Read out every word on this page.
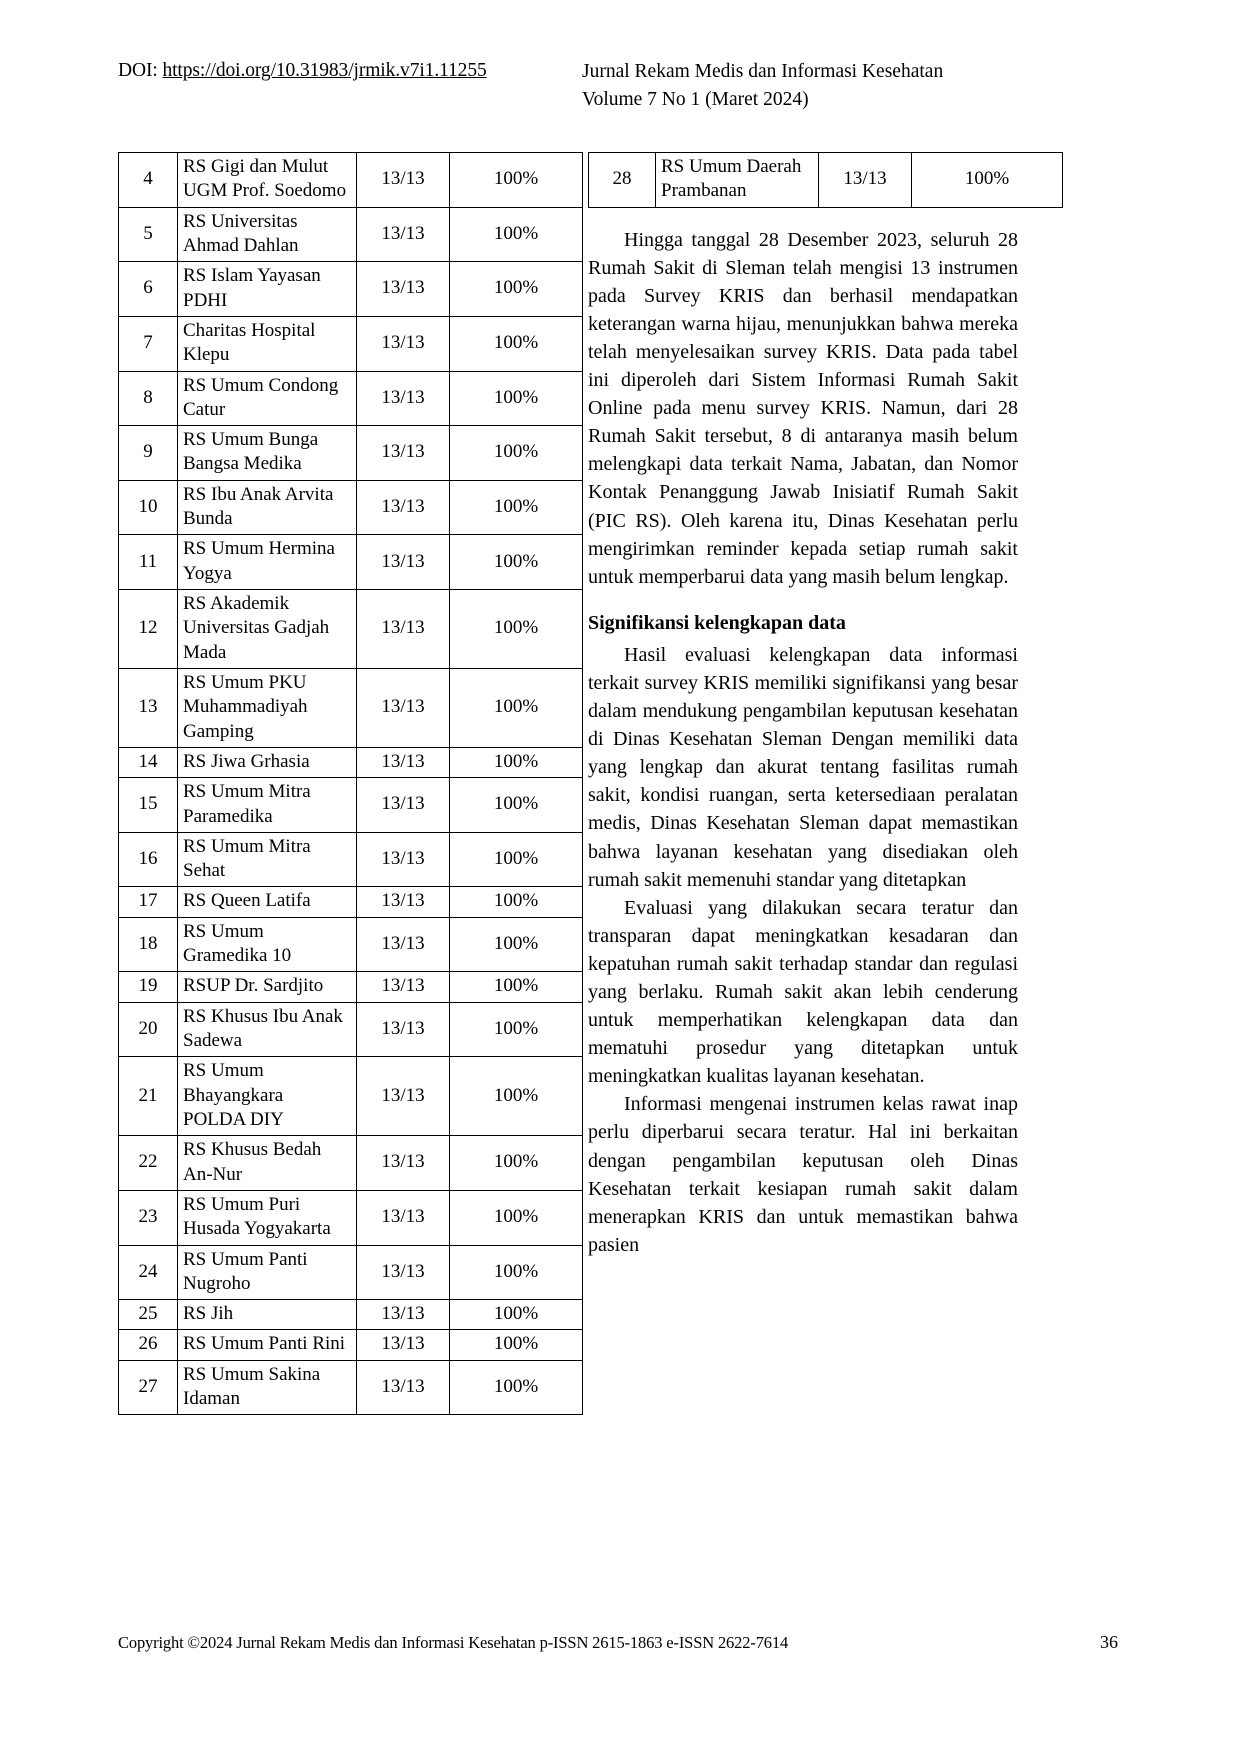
DOI: https://doi.org/10.31983/jrmik.v7i1.11255	Jurnal Rekam Medis dan Informasi Kesehatan
Volume 7 No 1 (Maret 2024)
4	RS Gigi dan Mulut UGM Prof. Soedomo	13/13	100%
5	RS Universitas Ahmad Dahlan	13/13	100%
6	RS Islam Yayasan PDHI	13/13	100%
7	Charitas Hospital Klepu	13/13	100%
8	RS Umum Condong Catur	13/13	100%
9	RS Umum Bunga Bangsa Medika	13/13	100%
10	RS Ibu Anak Arvita Bunda	13/13	100%
11	RS Umum Hermina Yogya	13/13	100%
12	RS Akademik Universitas Gadjah Mada	13/13	100%
13	RS Umum PKU Muhammadiyah Gamping	13/13	100%
14	RS Jiwa Grhasia	13/13	100%
15	RS Umum Mitra Paramedika	13/13	100%
16	RS Umum Mitra Sehat	13/13	100%
17	RS Queen Latifa	13/13	100%
18	RS Umum Gramedika 10	13/13	100%
19	RSUP Dr. Sardjito	13/13	100%
20	RS Khusus Ibu Anak Sadewa	13/13	100%
21	RS Umum Bhayangkara POLDA DIY	13/13	100%
22	RS Khusus Bedah An-Nur	13/13	100%
23	RS Umum Puri Husada Yogyakarta	13/13	100%
24	RS Umum Panti Nugroho	13/13	100%
25	RS Jih	13/13	100%
26	RS Umum Panti Rini	13/13	100%
27	RS Umum Sakina Idaman	13/13	100%
28	RS Umum Daerah Prambanan	13/13	100%

Hingga tanggal 28 Desember 2023, seluruh 28 Rumah Sakit di Sleman telah mengisi 13 instrumen pada Survey KRIS dan berhasil mendapatkan keterangan warna hijau, menunjukkan bahwa mereka telah menyelesaikan survey KRIS. Data pada tabel ini diperoleh dari Sistem Informasi Rumah Sakit Online pada menu survey KRIS. Namun, dari 28 Rumah Sakit tersebut, 8 di antaranya masih belum melengkapi data terkait Nama, Jabatan, dan Nomor Kontak Penanggung Jawab Inisiatif Rumah Sakit (PIC RS). Oleh karena itu, Dinas Kesehatan perlu mengirimkan reminder kepada setiap rumah sakit untuk memperbarui data yang masih belum lengkap.

Signifikansi kelengkapan data

Hasil evaluasi kelengkapan data informasi terkait survey KRIS memiliki signifikansi yang besar dalam mendukung pengambilan keputusan kesehatan di Dinas Kesehatan Sleman Dengan memiliki data yang lengkap dan akurat tentang fasilitas rumah sakit, kondisi ruangan, serta ketersediaan peralatan medis, Dinas Kesehatan Sleman dapat memastikan bahwa layanan kesehatan yang disediakan oleh rumah sakit memenuhi standar yang ditetapkan

Evaluasi yang dilakukan secara teratur dan transparan dapat meningkatkan kesadaran dan kepatuhan rumah sakit terhadap standar dan regulasi yang berlaku. Rumah sakit akan lebih cenderung untuk memperhatikan kelengkapan data dan mematuhi prosedur yang ditetapkan untuk meningkatkan kualitas layanan kesehatan.

Informasi mengenai instrumen kelas rawat inap perlu diperbarui secara teratur. Hal ini berkaitan dengan pengambilan keputusan oleh Dinas Kesehatan terkait kesiapan rumah sakit dalam menerapkan KRIS dan untuk memastikan bahwa pasien

Copyright ©2024 Jurnal Rekam Medis dan Informasi Kesehatan p-ISSN 2615-1863 e-ISSN 2622-7614	36
